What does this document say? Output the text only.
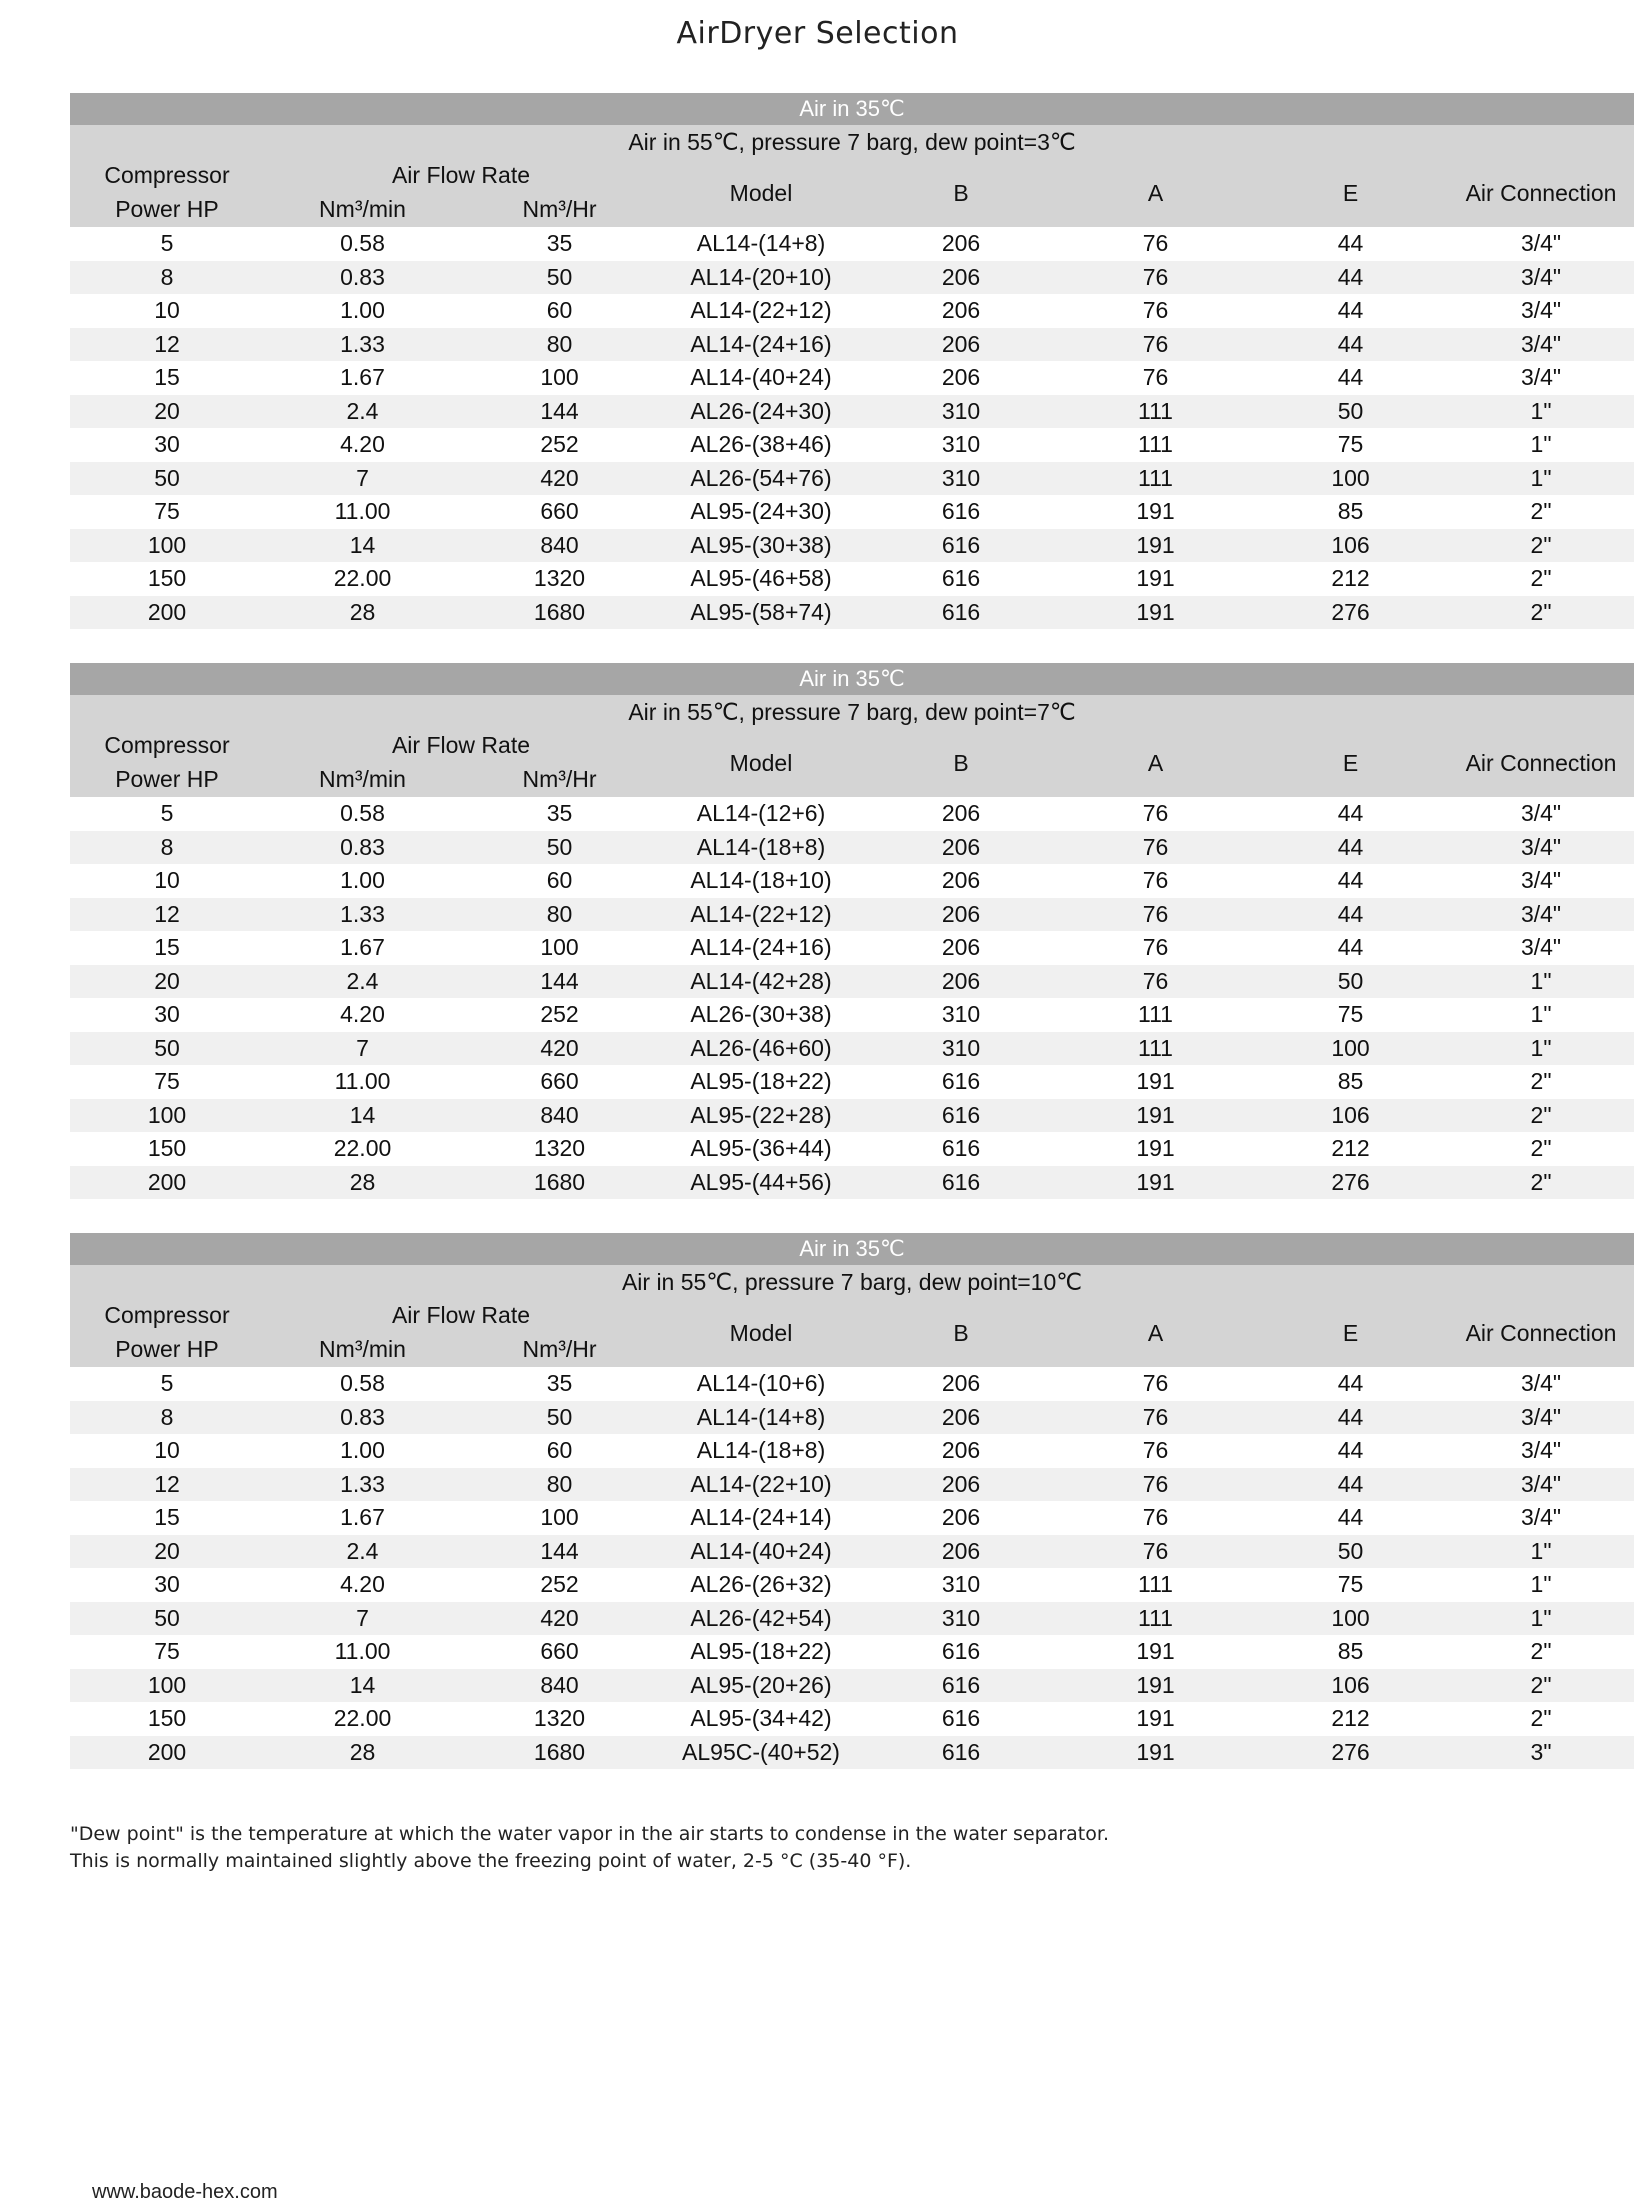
AirDryer Selection
Air in 35℃							
Air in 55℃, pressure 7 barg, dew point=3℃							
Compressor	Air Flow Rate		Model	B	A	E	Air Connection
Power HP	Nm³/min	Nm³/Hr					
5	0.58	35	AL14-(14+8)	206	76	44	3/4"
8	0.83	50	AL14-(20+10)	206	76	44	3/4"
10	1.00	60	AL14-(22+12)	206	76	44	3/4"
12	1.33	80	AL14-(24+16)	206	76	44	3/4"
15	1.67	100	AL14-(40+24)	206	76	44	3/4"
20	2.4	144	AL26-(24+30)	310	111	50	1"
30	4.20	252	AL26-(38+46)	310	111	75	1"
50	7	420	AL26-(54+76)	310	111	100	1"
75	11.00	660	AL95-(24+30)	616	191	85	2"
100	14	840	AL95-(30+38)	616	191	106	2"
150	22.00	1320	AL95-(46+58)	616	191	212	2"
200	28	1680	AL95-(58+74)	616	191	276	2"
Air in 35℃							
Air in 55℃, pressure 7 barg, dew point=7℃							
Compressor	Air Flow Rate		Model	B	A	E	Air Connection
Power HP	Nm³/min	Nm³/Hr					
5	0.58	35	AL14-(12+6)	206	76	44	3/4"
8	0.83	50	AL14-(18+8)	206	76	44	3/4"
10	1.00	60	AL14-(18+10)	206	76	44	3/4"
12	1.33	80	AL14-(22+12)	206	76	44	3/4"
15	1.67	100	AL14-(24+16)	206	76	44	3/4"
20	2.4	144	AL14-(42+28)	206	76	50	1"
30	4.20	252	AL26-(30+38)	310	111	75	1"
50	7	420	AL26-(46+60)	310	111	100	1"
75	11.00	660	AL95-(18+22)	616	191	85	2"
100	14	840	AL95-(22+28)	616	191	106	2"
150	22.00	1320	AL95-(36+44)	616	191	212	2"
200	28	1680	AL95-(44+56)	616	191	276	2"
Air in 35℃							
Air in 55℃, pressure 7 barg, dew point=10℃							
Compressor	Air Flow Rate		Model	B	A	E	Air Connection
Power HP	Nm³/min	Nm³/Hr					
5	0.58	35	AL14-(10+6)	206	76	44	3/4"
8	0.83	50	AL14-(14+8)	206	76	44	3/4"
10	1.00	60	AL14-(18+8)	206	76	44	3/4"
12	1.33	80	AL14-(22+10)	206	76	44	3/4"
15	1.67	100	AL14-(24+14)	206	76	44	3/4"
20	2.4	144	AL14-(40+24)	206	76	50	1"
30	4.20	252	AL26-(26+32)	310	111	75	1"
50	7	420	AL26-(42+54)	310	111	100	1"
75	11.00	660	AL95-(18+22)	616	191	85	2"
100	14	840	AL95-(20+26)	616	191	106	2"
150	22.00	1320	AL95-(34+42)	616	191	212	2"
200	28	1680	AL95C-(40+52)	616	191	276	3"
"Dew point" is the temperature at which the water vapor in the air starts to condense in the water separator.
This is normally maintained slightly above the freezing point of water, 2-5 °C (35-40 °F).
www.baode-hex.com
